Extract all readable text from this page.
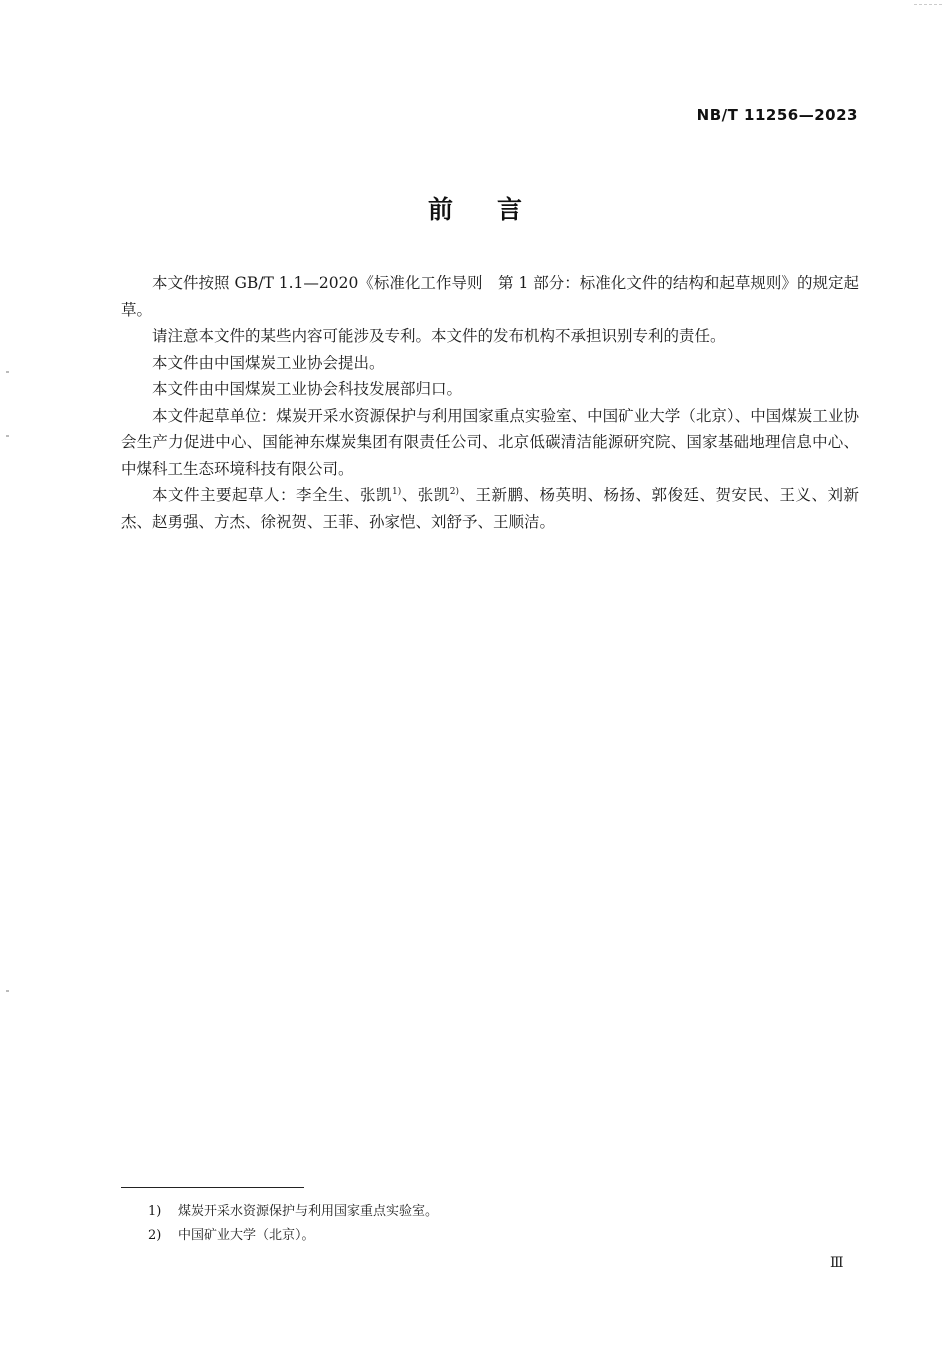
NB/T 11256—2023
前言

本文件按照 GB/T 1.1—2020《标准化工作导则　第 1 部分：标准化文件的结构和起草规则》的规定起草。

请注意本文件的某些内容可能涉及专利。本文件的发布机构不承担识别专利的责任。

本文件由中国煤炭工业协会提出。

本文件由中国煤炭工业协会科技发展部归口。

本文件起草单位：煤炭开采水资源保护与利用国家重点实验室、中国矿业大学（北京）、中国煤炭工业协会生产力促进中心、国能神东煤炭集团有限责任公司、北京低碳清洁能源研究院、国家基础地理信息中心、中煤科工生态环境科技有限公司。

本文件主要起草人：李全生、张凯$^{1)}$、张凯$^{2)}$、王新鹏、杨英明、杨扬、郭俊廷、贺安民、王义、刘新杰、赵勇强、方杰、徐祝贺、王菲、孙家恺、刘舒予、王顺洁。

1) 煤炭开采水资源保护与利用国家重点实验室。
2) 中国矿业大学（北京）。
Ⅲ
